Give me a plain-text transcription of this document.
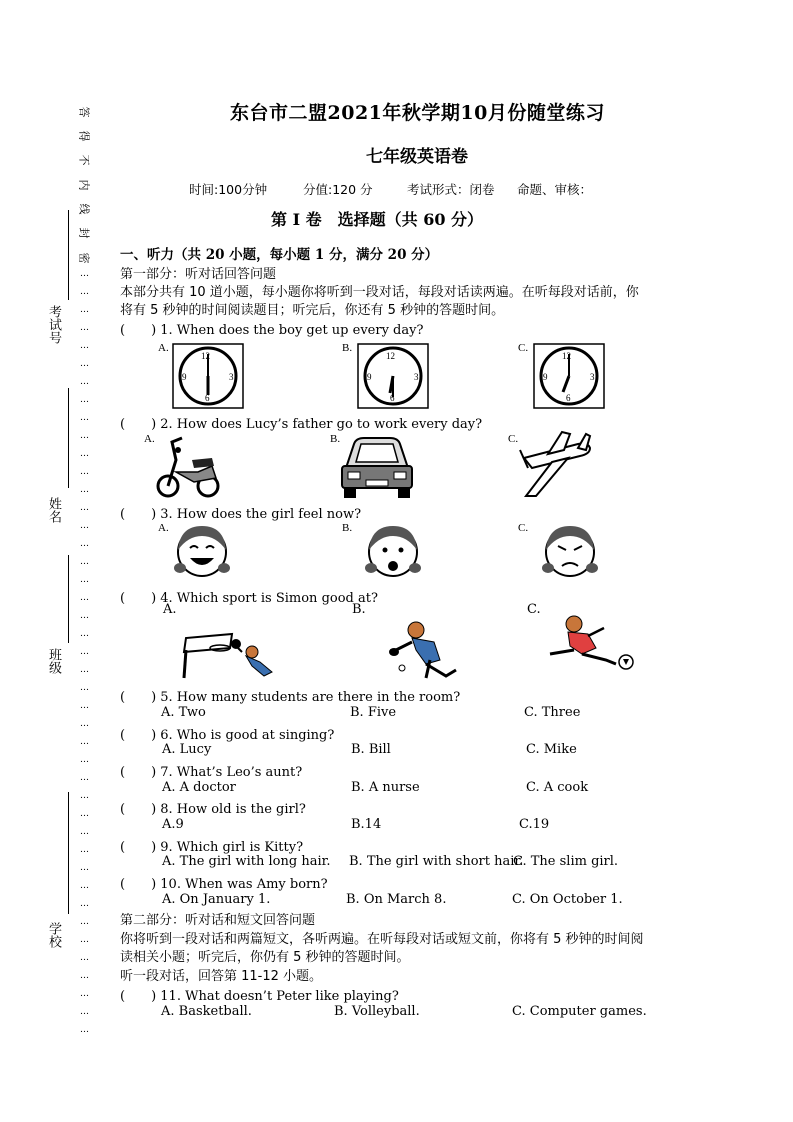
答
得
不
内
线
封
密
…

…

…

…

…

…

…

…

…

…

…

…

…

…

…

…

…

…

…

…

…

…

…

…

…

…

…

…

…

…

…

…

…

…

…

…

…

…

…

…

…

…

…
考试号
姓名
班级
学校
东台市二盟2021年秋学期10月份随堂练习
七年级英语卷
时间:100分钟	分值:120 分	考试形式：闭卷 命题、审核：
第 I 卷　选择题（共 60 分）
一、听力（共 20 小题，每小题 1 分，满分 20 分）
第一部分：听对话回答问题
本部分共有 10 道小题，每小题你将听到一段对话，每段对话读两遍。在听每段对话前，你
将有 5 秒钟的时间阅读题目；听完后，你还有 5 秒钟的答题时间。
(　　) 1. When does the boy get up every day?
A.	B.	C.
12
3
6
9
12
3
6
9
12
3
6
9
(　　) 2. How does Lucy’s father go to work every day?
A.	B.	C.
(　　) 3. How does the girl feel now?
A.	B.	C.
(　　) 4. Which sport is Simon good at?
A.	B.	C.
(　　) 5. How many students are there in the room?
A. Two	B. Five	C. Three
(　　) 6. Who is good at singing?
A. Lucy	B. Bill	C. Mike
(　　) 7. What’s Leo’s aunt?
A. A doctor	B. A nurse	C. A cook
(　　) 8. How old is the girl?
A.9	B.14	C.19
(　　) 9. Which girl is Kitty?
A. The girl with long hair. B. The girl with short hair.
C. The slim girl.
(　　) 10. When was Amy born?
A. On January 1.	B. On March 8.	C. On October 1.
第二部分：听对话和短文回答问题
你将听到一段对话和两篇短文，各听两遍。在听每段对话或短文前，你将有 5 秒钟的时间阅
读相关小题；听完后，你仍有 5 秒钟的答题时间。
听一段对话，回答第 11-12 小题。
(　　) 11. What doesn’t Peter like playing?
A. Basketball.	B. Volleyball.	C. Computer games.
